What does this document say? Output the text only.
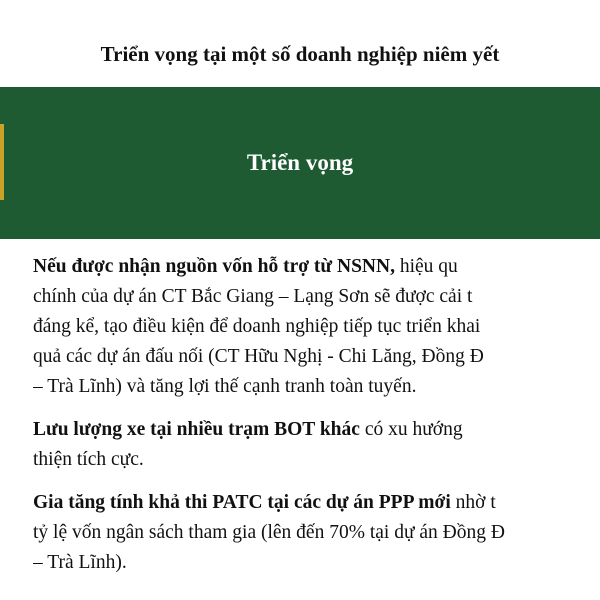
Triển vọng tại một số doanh nghiệp niêm yết
Triển vọng
Nếu được nhận nguồn vốn hỗ trợ từ NSNN, hiệu qu
chính của dự án CT Bắc Giang – Lạng Sơn sẽ được cải t
đáng kể, tạo điều kiện để doanh nghiệp tiếp tục triển khai
quả các dự án đấu nối (CT Hữu Nghị - Chi Lăng, Đồng Đ
– Trà Lĩnh) và tăng lợi thế cạnh tranh toàn tuyến.
Lưu lượng xe tại nhiều trạm BOT khác có xu hướng
thiện tích cực.
Gia tăng tính khả thi PATC tại các dự án PPP mới nhờ t
tỷ lệ vốn ngân sách tham gia (lên đến 70% tại dự án Đồng Đ
– Trà Lĩnh).
